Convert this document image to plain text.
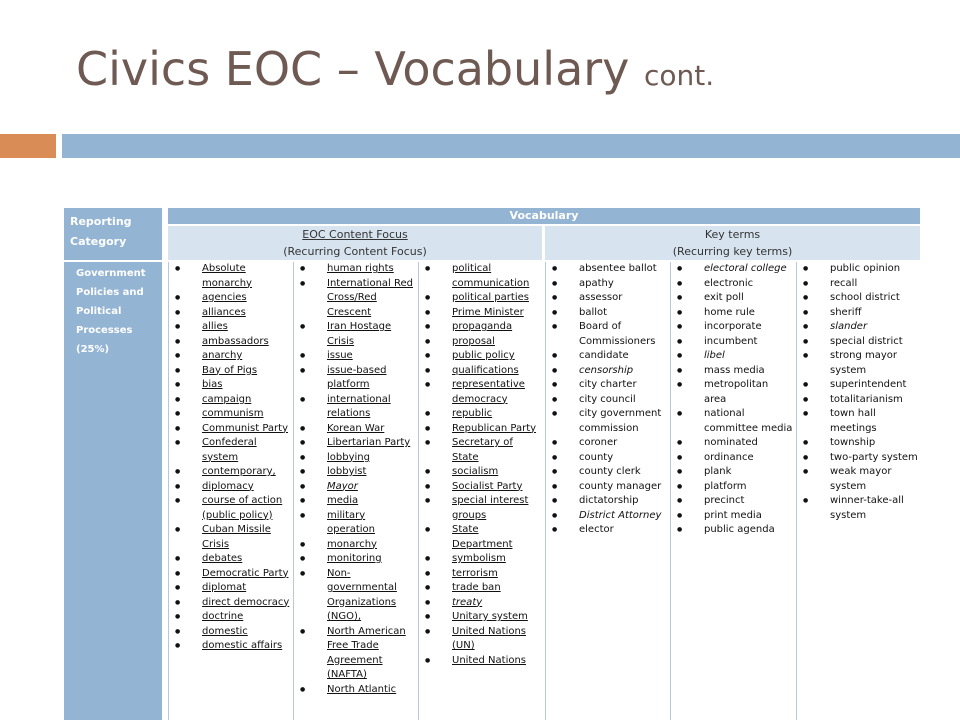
Civics EOC – Vocabulary cont.
Reporting Category
Vocabulary
EOC Content Focus
(Recurring Content Focus)
Key terms
(Recurring key terms)
Government Policies and Political Processes (25%)
● Absolute monarchy
● agencies
● alliances
● allies
● ambassadors
● anarchy
● Bay of Pigs
● bias
● campaign
● communism
● Communist Party
● Confederal system
● contemporary,
● diplomacy
● course of action (public policy)
● Cuban Missile Crisis
● debates
● Democratic Party
● diplomat
● direct democracy
● doctrine
● domestic
● domestic affairs
● human rights
● International Red Cross/Red Crescent
● Iran Hostage Crisis
● issue
● issue-based platform
● international relations
● Korean War
● Libertarian Party
● lobbying
● lobbyist
● Mayor
● media
● military operation
● monarchy
● monitoring
● Non-governmental Organizations (NGO),
● North American Free Trade Agreement (NAFTA)
● North Atlantic
● political communication
● political parties
● Prime Minister
● propaganda
● proposal
● public policy
● qualifications
● representative democracy
● republic
● Republican Party
● Secretary of State
● socialism
● Socialist Party
● special interest groups
● State Department
● symbolism
● terrorism
● trade ban
● treaty
● Unitary system
● United Nations (UN)
● United Nations
● absentee ballot
● apathy
● assessor
● ballot
● Board of Commissioners
● candidate
● censorship
● city charter
● city council
● city government commission
● coroner
● county
● county clerk
● county manager
● dictatorship
● District Attorney
● elector
● electoral college
● electronic
● exit poll
● home rule
● incorporate
● incumbent
● libel
● mass media
● metropolitan area
● national committee media
● nominated
● ordinance
● plank
● platform
● precinct
● print media
● public agenda
● public opinion
● recall
● school district
● sheriff
● slander
● special district
● strong mayor system
● superintendent
● totalitarianism
● town hall meetings
● township
● two-party system
● weak mayor system
● winner-take-all system
